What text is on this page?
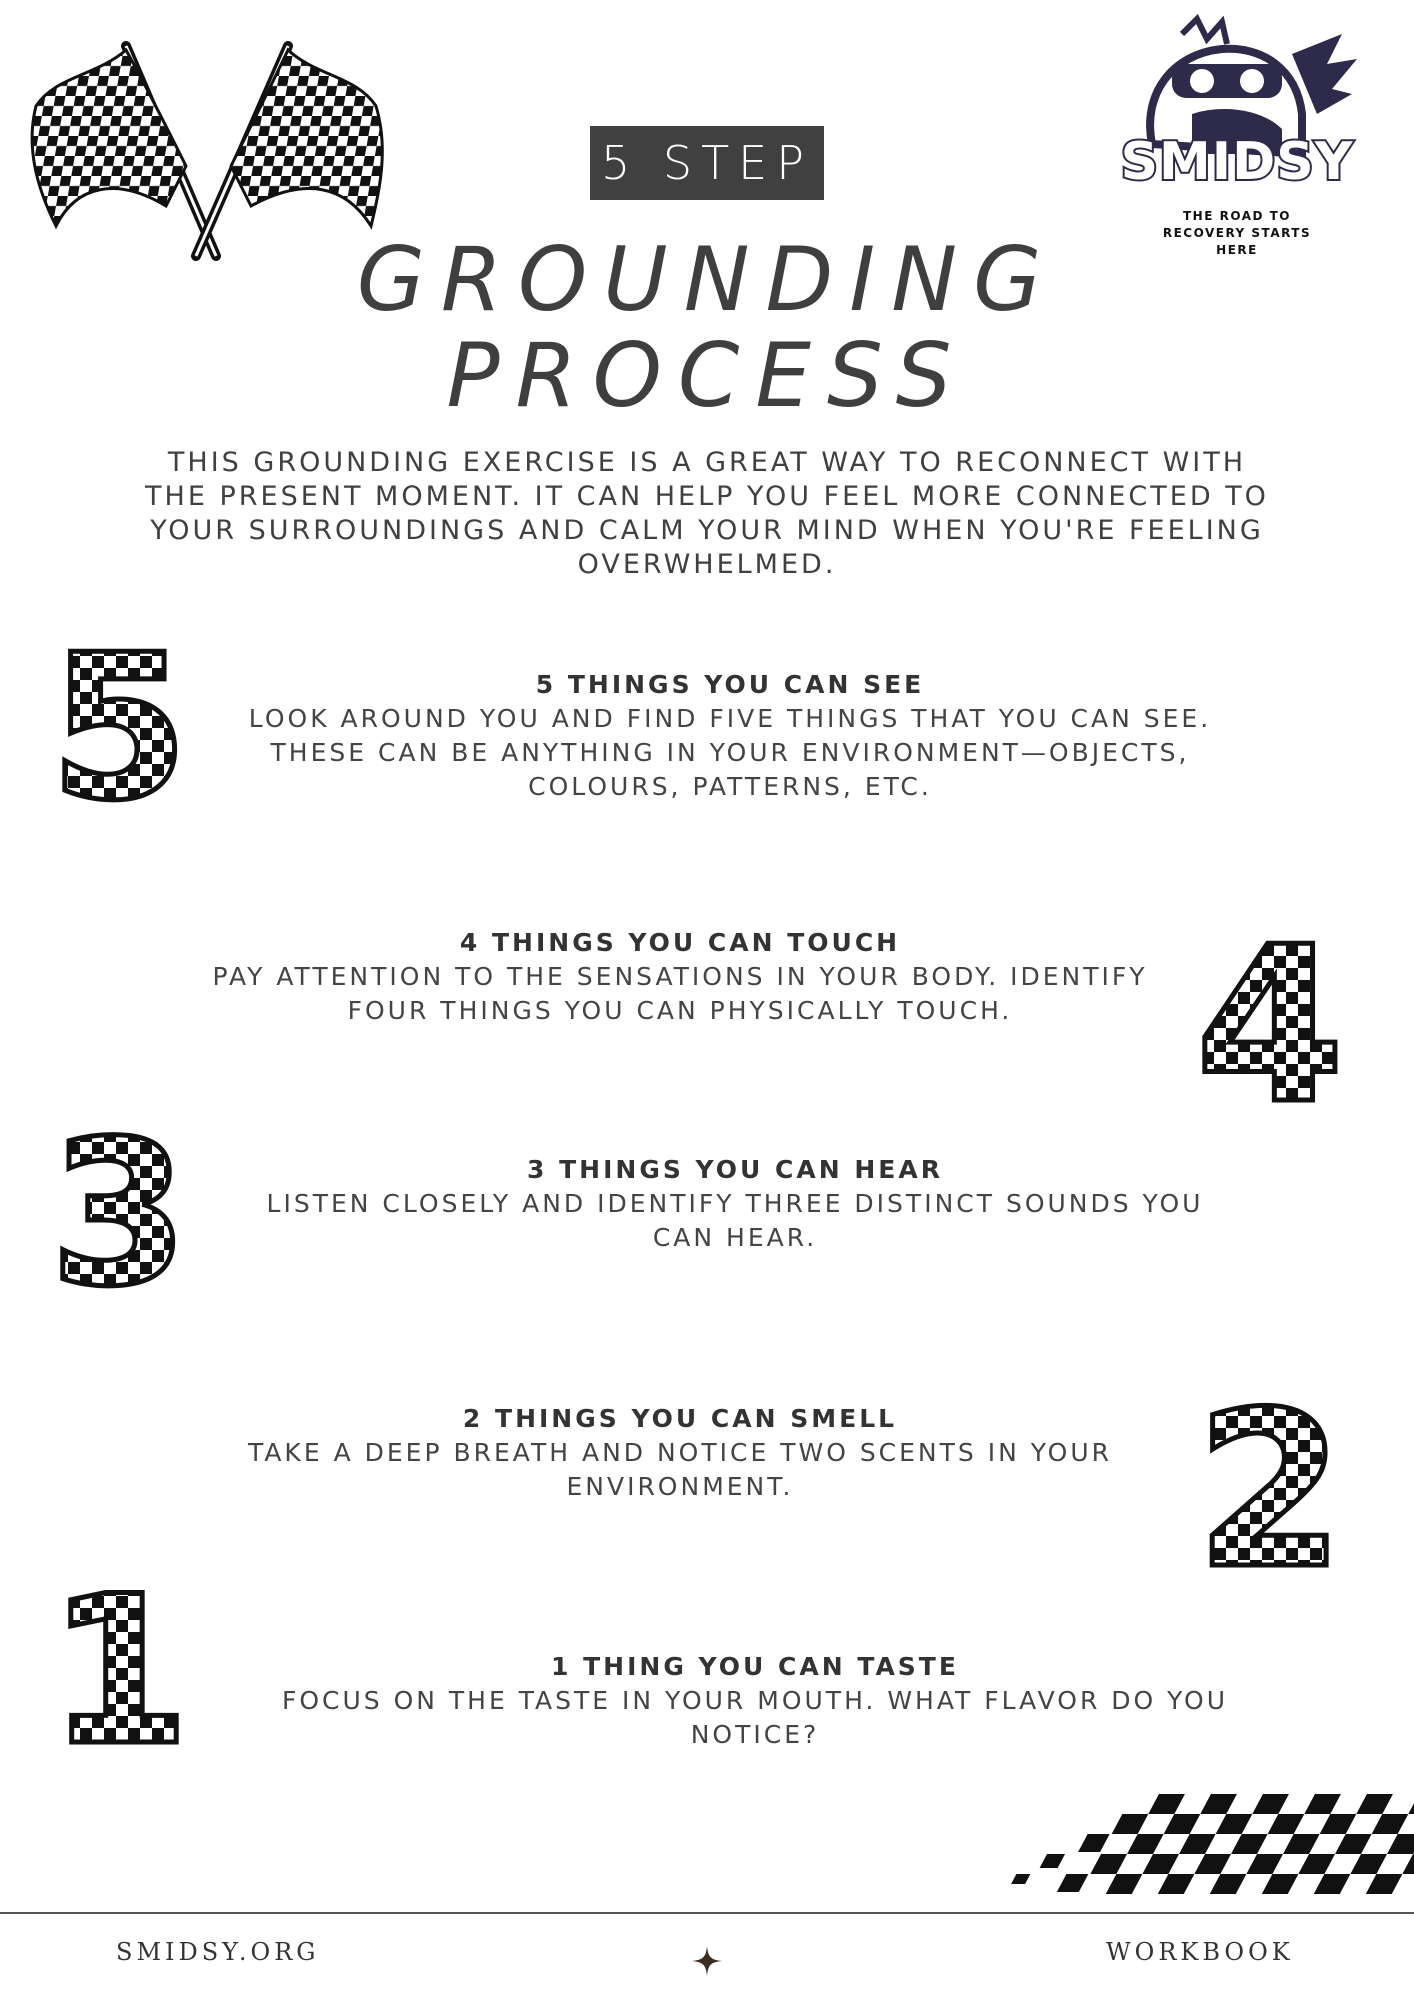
SMIDSY
THE ROAD TO
RECOVERY STARTS
HERE
5 STEP
GROUNDING
PROCESS
THIS GROUNDING EXERCISE IS A GREAT WAY TO RECONNECT WITH THE PRESENT MOMENT. IT CAN HELP YOU FEEL MORE CONNECTED TO YOUR SURROUNDINGS AND CALM YOUR MIND WHEN YOU'RE FEELING OVERWHELMED.
5
4
3
2
1
5 THINGS YOU CAN SEE
LOOK AROUND YOU AND FIND FIVE THINGS THAT YOU CAN SEE. THESE CAN BE ANYTHING IN YOUR ENVIRONMENT—OBJECTS, COLOURS, PATTERNS, ETC.
4 THINGS YOU CAN TOUCH
PAY ATTENTION TO THE SENSATIONS IN YOUR BODY. IDENTIFY FOUR THINGS YOU CAN PHYSICALLY TOUCH.
3 THINGS YOU CAN HEAR
LISTEN CLOSELY AND IDENTIFY THREE DISTINCT SOUNDS YOU CAN HEAR.
2 THINGS YOU CAN SMELL
TAKE A DEEP BREATH AND NOTICE TWO SCENTS IN YOUR ENVIRONMENT.
1 THING YOU CAN TASTE
FOCUS ON THE TASTE IN YOUR MOUTH. WHAT FLAVOR DO YOU NOTICE?
SMIDSY.ORG	WORKBOOK
